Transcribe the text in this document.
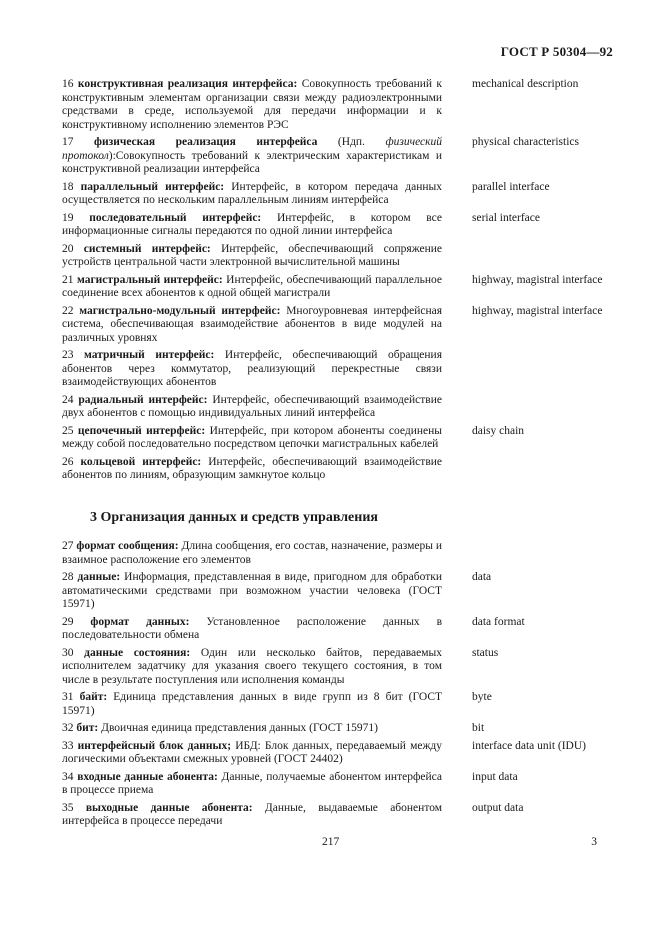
ГОСТ Р 50304—92

16 конструктивная реализация интерфейса: Совокупность требований к конструктивным элементам организации связи между радиоэлектронными средствами в среде, используемой для передачи информации и к конструктивному исполнению элементов РЭС

mechanical description

17 физическая реализация интерфейса (Ндп. физический протокол):Совокупность требований к электрическим характеристикам и конструктивной реализации интерфейса

physical characteristics

18 параллельный интерфейс: Интерфейс, в котором передача данных осуществляется по нескольким параллельным линиям интерфейса

parallel interface

19 последовательный интерфейс: Интерфейс, в котором все информационные сигналы передаются по одной линии интерфейса

serial interface

20 системный интерфейс: Интерфейс, обеспечивающий сопряжение устройств центральной части электронной вычислительной машины

21 магистральный интерфейс: Интерфейс, обеспечивающий параллельное соединение всех абонентов к одной общей магистрали

highway, magistral interface

22 магистрально-модульный интерфейс: Многоуровневая интерфейсная система, обеспечивающая взаимодействие абонентов в виде модулей на различных уровнях

highway, magistral interface

23 матричный интерфейс: Интерфейс, обеспечивающий обращения абонентов через коммутатор, реализующий перекрестные связи взаимодействующих абонентов

24 радиальный интерфейс: Интерфейс, обеспечивающий взаимодействие двух абонентов с помощью индивидуальных линий интерфейса

25 цепочечный интерфейс: Интерфейс, при котором абоненты соединены между собой последовательно посредством цепочки магистральных кабелей

daisy chain

26 кольцевой интерфейс: Интерфейс, обеспечивающий взаимодействие абонентов по линиям, образующим замкнутое кольцо

3 Организация данных и средств управления

27 формат сообщения: Длина сообщения, его состав, назначение, размеры и взаимное расположение его элементов

28 данные: Информация, представленная в виде, пригодном для обработки автоматическими средствами при возможном участии человека (ГОСТ 15971)

data

29 формат данных: Установленное расположение данных в последовательности обмена

data format

30 данные состояния: Один или несколько байтов, передаваемых исполнителем задатчику для указания своего текущего состояния, в том числе в результате поступления или исполнения команды

status

31 байт: Единица представления данных в виде групп из 8 бит (ГОСТ 15971)

byte

32 бит: Двоичная единица представления данных (ГОСТ 15971)	bit

33 интерфейсный блок данных; ИБД: Блок данных, передаваемый между логическими объектами смежных уровней (ГОСТ 24402)

interface data unit (IDU)

34 входные данные абонента: Данные, получаемые абонентом интерфейса в процессе приема

input data

35 выходные данные абонента: Данные, выдаваемые абонентом интерфейса в процессе передачи

output data
217	3
